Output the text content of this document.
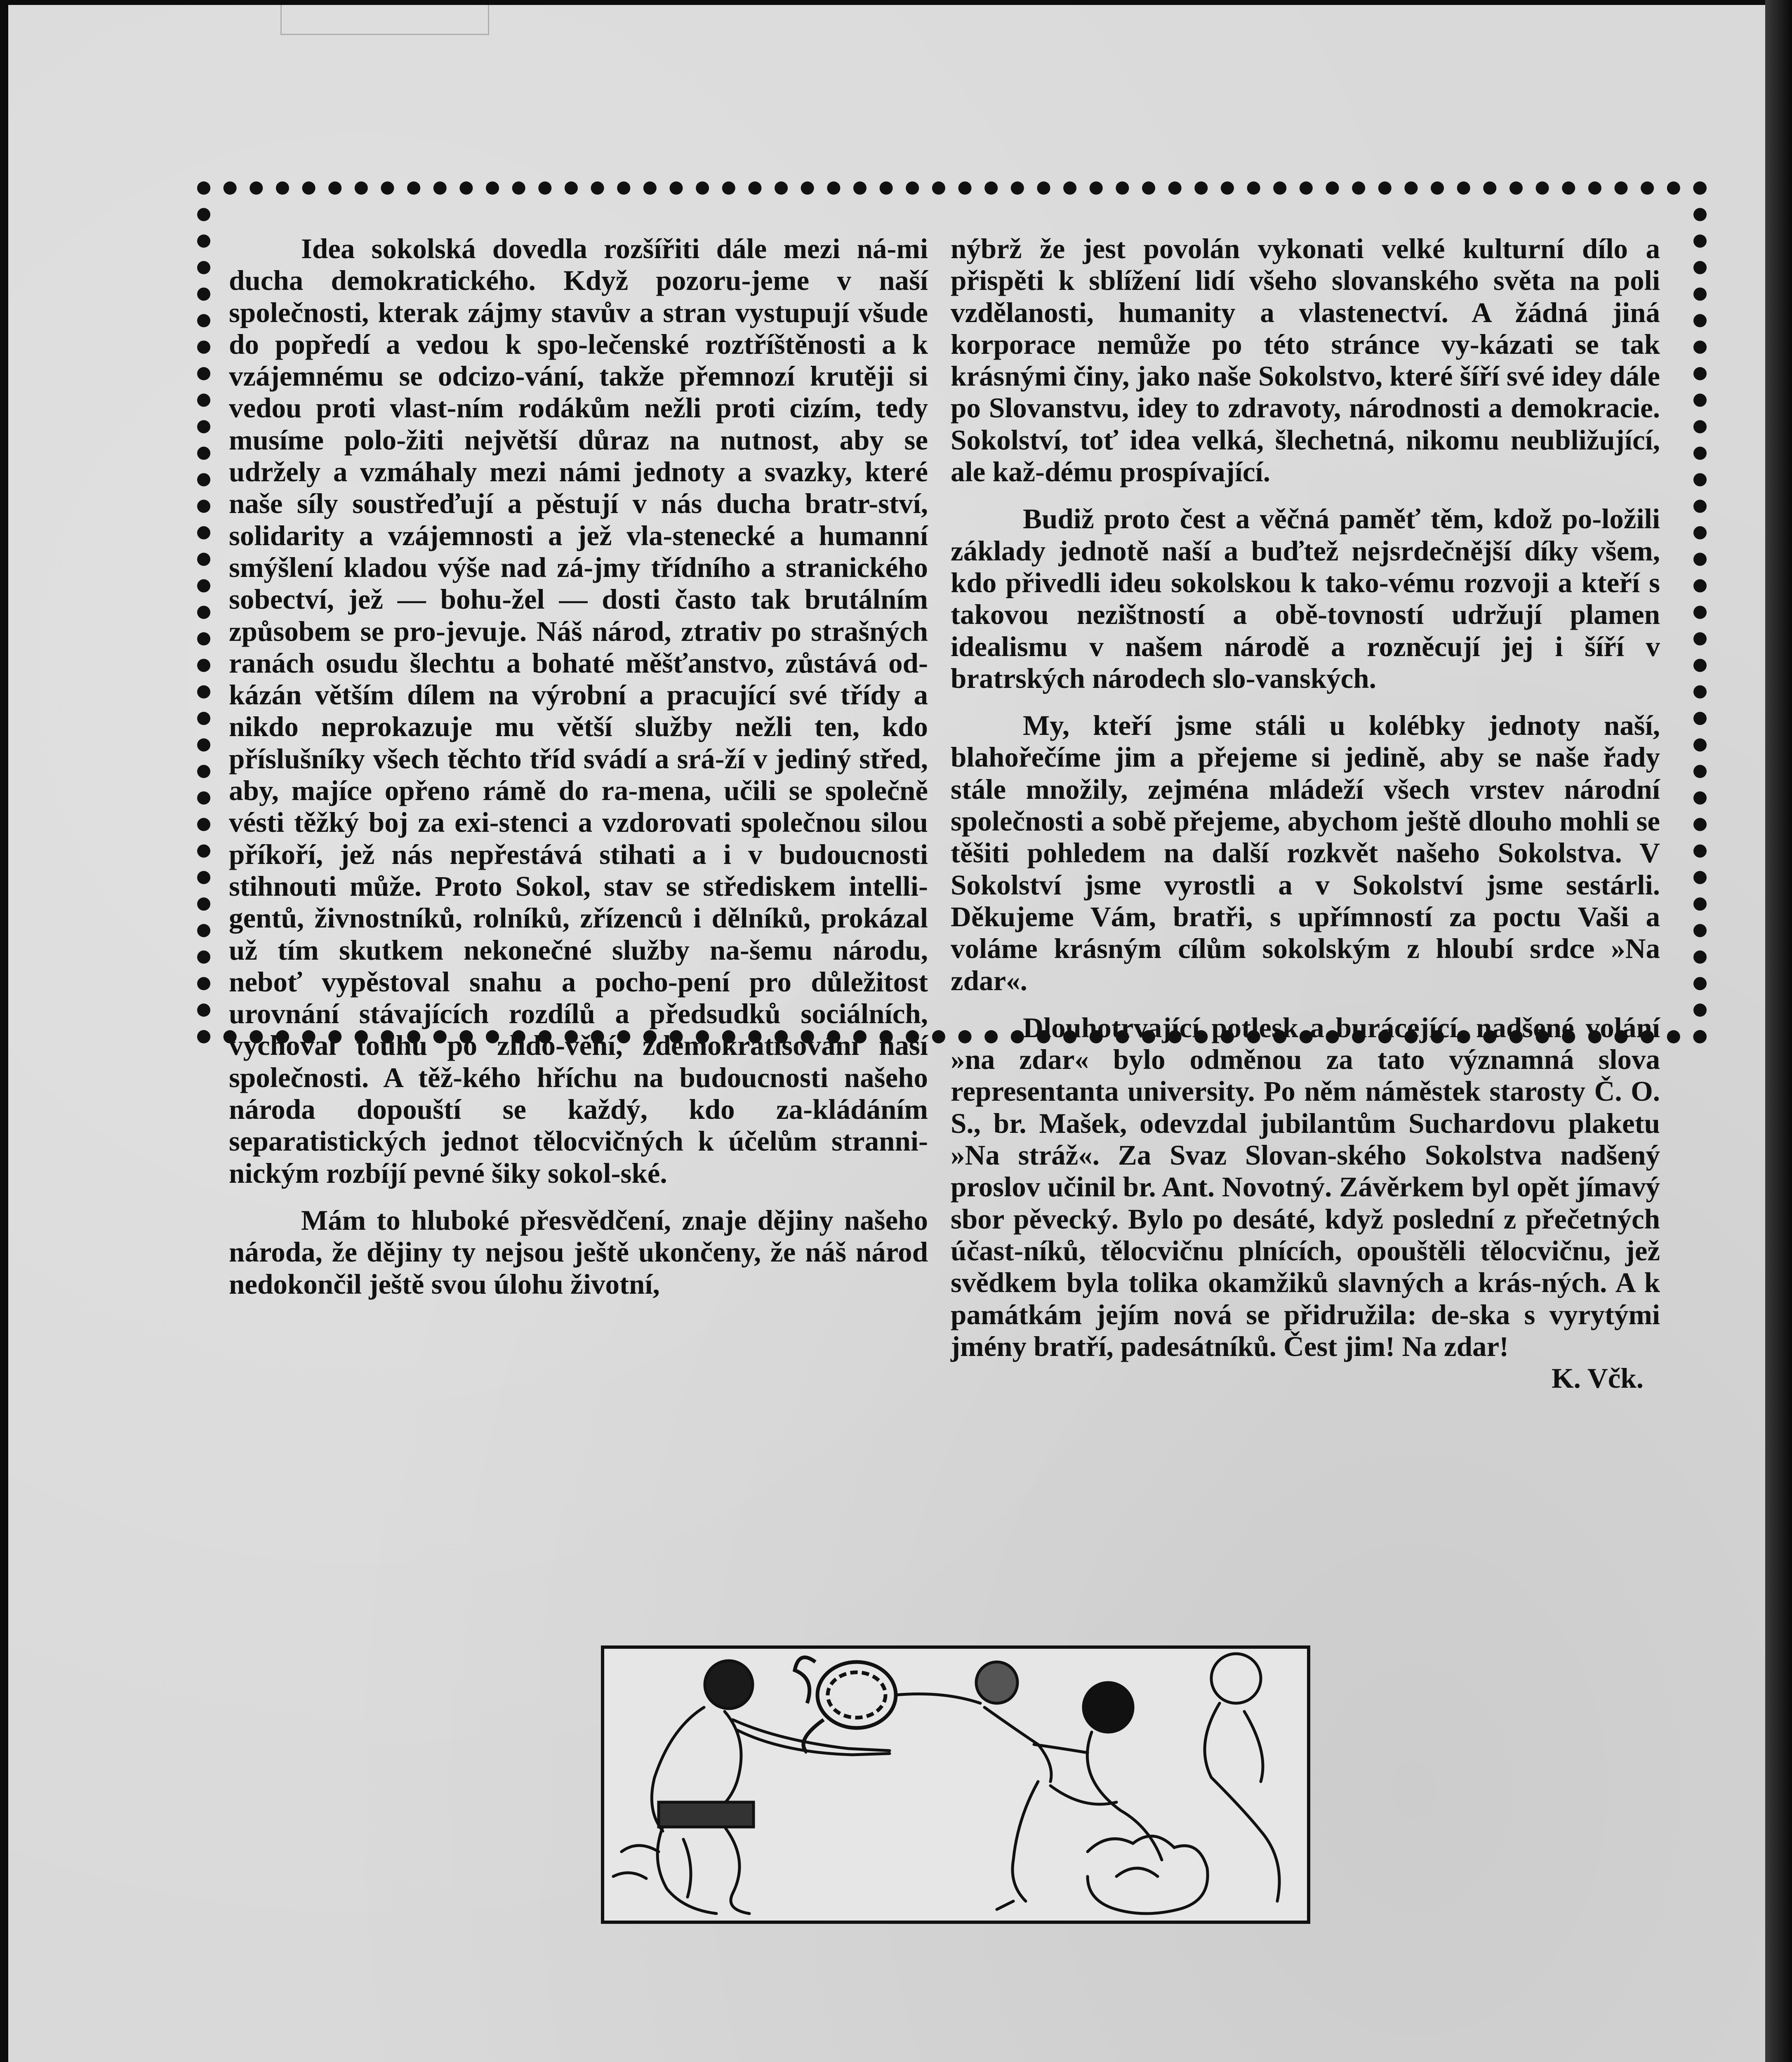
Idea sokolská dovedla rozšířiti dále mezi ná-mi ducha demokratického. Když pozoru-jeme v naší společnosti, kterak zájmy stavův a stran vystupují všude do popředí a vedou k spo-lečenské roztříštěnosti a k vzájemnému se odcizo-vání, takže přemnozí krutěji si vedou proti vlast-ním rodákům nežli proti cizím, tedy musíme polo-žiti největší důraz na nutnost, aby se udržely a vzmáhaly mezi námi jednoty a svazky, které naše síly soustřeďují a pěstují v nás ducha bratr-ství, solidarity a vzájemnosti a jež vla-stenecké a humanní smýšlení kladou výše nad zá-jmy třídního a stranického sobectví, jež — bohu-žel — dosti často tak brutálním způsobem se pro-jevuje. Náš národ, ztrativ po strašných ranách osudu šlechtu a bohaté měšťanstvo, zůstává od-kázán větším dílem na výrobní a pracující své třídy a nikdo neprokazuje mu větší služby nežli ten, kdo příslušníky všech těchto tříd svádí a srá-ží v jediný střed, aby, majíce opřeno rámě do ra-mena, učili se společně vésti těžký boj za exi-stenci a vzdorovati společnou silou příkoří, jež nás nepřestává stihati a i v budoucnosti stihnouti může. Proto Sokol, stav se střediskem intelli-gentů, živnostníků, rolníků, zřízenců i dělníků, prokázal už tím skutkem nekonečné služby na-šemu národu, neboť vypěstoval snahu a pocho-pení pro důležitost urovnání stávajících rozdílů a předsudků sociálních, vychoval touhu po zlido-vění, zdemokratisování naší společnosti. A těž-kého hříchu na budoucnosti našeho národa dopouští se každý, kdo za-kládáním separatistických jednot tělocvičných k účelům stranni-nickým rozbíjí pevné šiky sokol-ské.

Mám to hluboké přesvědčení, znaje dějiny našeho národa, že dějiny ty nejsou ještě ukončeny, že náš národ nedokončil ještě svou úlohu životní,

nýbrž že jest povolán vykonati velké kulturní dílo a přispěti k sblížení lidí všeho slovanského světa na poli vzdělanosti, humanity a vlastenectví. A žádná jiná korporace nemůže po této stránce vy-kázati se tak krásnými činy, jako naše Sokolstvo, které šíří své idey dále po Slovanstvu, idey to zdravoty, národnosti a demokracie. Sokolství, toť idea velká, šlechetná, nikomu neubližující, ale kaž-dému prospívající.

Budiž proto čest a věčná paměť těm, kdož po-ložili základy jednotě naší a buďtež nejsrdečnější díky všem, kdo přivedli ideu sokolskou k tako-vému rozvoji a kteří s takovou nezištností a obě-tovností udržují plamen idealismu v našem národě a rozněcují jej i šíří v bratrských národech slo-vanských.

My, kteří jsme stáli u kolébky jednoty naší, blahořečíme jim a přejeme si jedině, aby se naše řady stále množily, zejména mládeží všech vrstev národní společnosti a sobě přejeme, abychom ještě dlouho mohli se těšiti pohledem na další rozkvět našeho Sokolstva. V Sokolství jsme vyrostli a v Sokolství jsme sestárli. Děkujeme Vám, bratři, s upřímností za poctu Vaši a voláme krásným cílům sokolským z hloubí srdce »Na zdar«.

Dlouhotrvající potlesk a burácející, nadšené volání »na zdar« bylo odměnou za tato významná slova representanta university. Po něm náměstek starosty Č. O. S., br. Mašek, odevzdal jubilantům Suchardovu plaketu »Na stráž«. Za Svaz Slovan-ského Sokolstva nadšený proslov učinil br. Ant. Novotný. Závěrkem byl opět jímavý sbor pěvecký. Bylo po desáté, když poslední z přečetných účast-níků, tělocvičnu plnících, opouštěli tělocvičnu, jež svědkem byla tolika okamžiků slavných a krás-ných. A k památkám jejím nová se přidružila: de-ska s vyrytými jmény bratří, padesátníků. Čest jim! Na zdar!
K. Včk.
